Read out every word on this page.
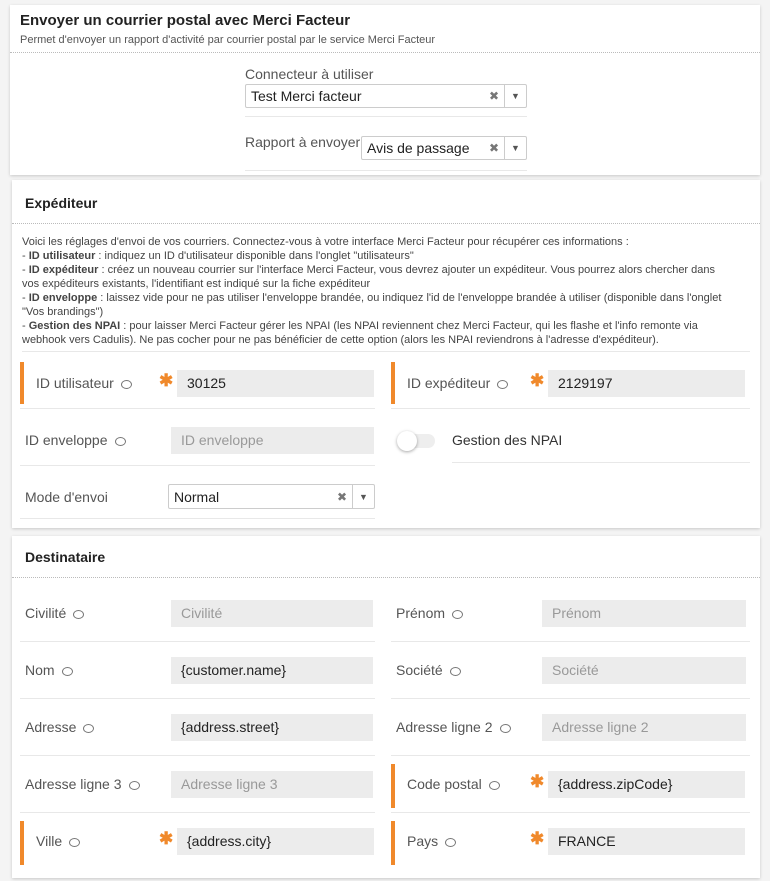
Envoyer un courrier postal avec Merci Facteur
Permet d'envoyer un rapport d'activité par courrier postal par le service Merci Facteur
Connecteur à utiliser
Test Merci facteur	✖	▼
Rapport à envoyer Avis de passage	✖	▼
Expéditeur
Voici les réglages d'envoi de vos courriers. Connectez-vous à votre interface Merci Facteur pour récupérer ces informations :
- ID utilisateur : indiquez un ID d'utilisateur disponible dans l'onglet "utilisateurs"
- ID expéditeur : créez un nouveau courrier sur l'interface Merci Facteur, vous devrez ajouter un expéditeur. Vous pourrez alors chercher dans vos expéditeurs existants, l'identifiant est indiqué sur la fiche expéditeur
- ID enveloppe : laissez vide pour ne pas utiliser l'enveloppe brandée, ou indiquez l'id de l'enveloppe brandée à utiliser (disponible dans l'onglet "Vos brandings")
- Gestion des NPAI : pour laisser Merci Facteur gérer les NPAI (les NPAI reviennent chez Merci Facteur, qui les flashe et l'info remonte via webhook vers Cadulis). Ne pas cocher pour ne pas bénéficier de cette option (alors les NPAI reviendrons à l'adresse d'expéditeur).
ID utilisateur	✱ 30125	ID expéditeur	✱ 2129197
ID enveloppe	ID enveloppe	Gestion des NPAI
Mode d'envoi	Normal	✖	▼
Destinataire
Civilité	Civilité	Prénom	Prénom
Nom	{customer.name}	Société	Société
Adresse	{address.street}	Adresse ligne 2	Adresse ligne 2
Adresse ligne 3	Adresse ligne 3	Code postal	✱ {address.zipCode}
Ville	✱ {address.city}	Pays	✱ FRANCE
